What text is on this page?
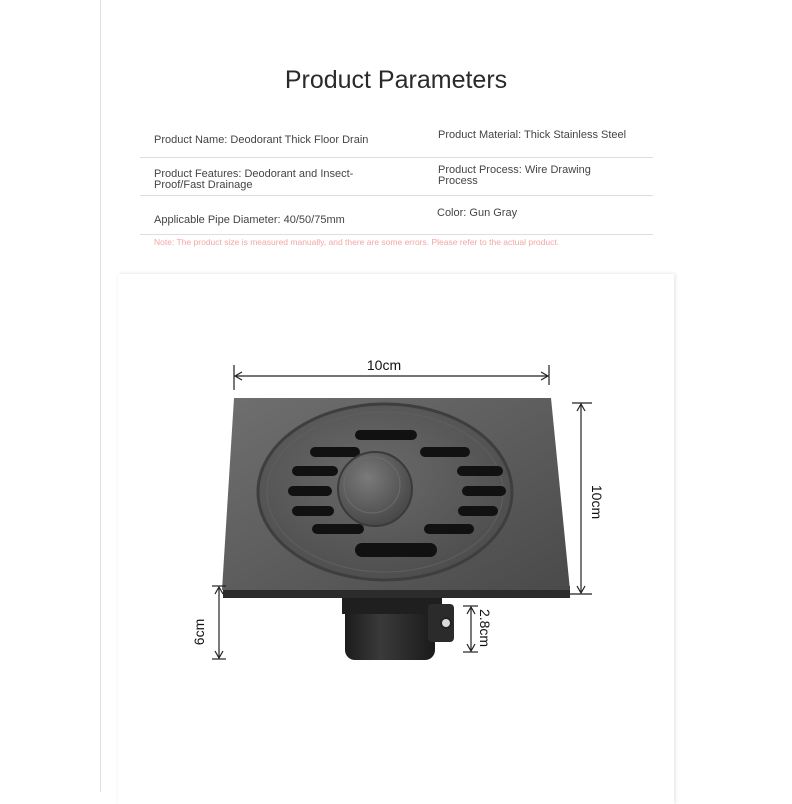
Product Parameters
Product Name: Deodorant Thick Floor Drain	Product Material: Thick Stainless Steel
Product Features: Deodorant and Insect-Proof/Fast Drainage
Product Process: Wire Drawing Process
Applicable Pipe Diameter: 40/50/75mm
Color: Gun Gray
Note: The product size is measured manually, and there are some errors. Please refer to the actual product.
10cm
10cm
6cm	2.8cm
